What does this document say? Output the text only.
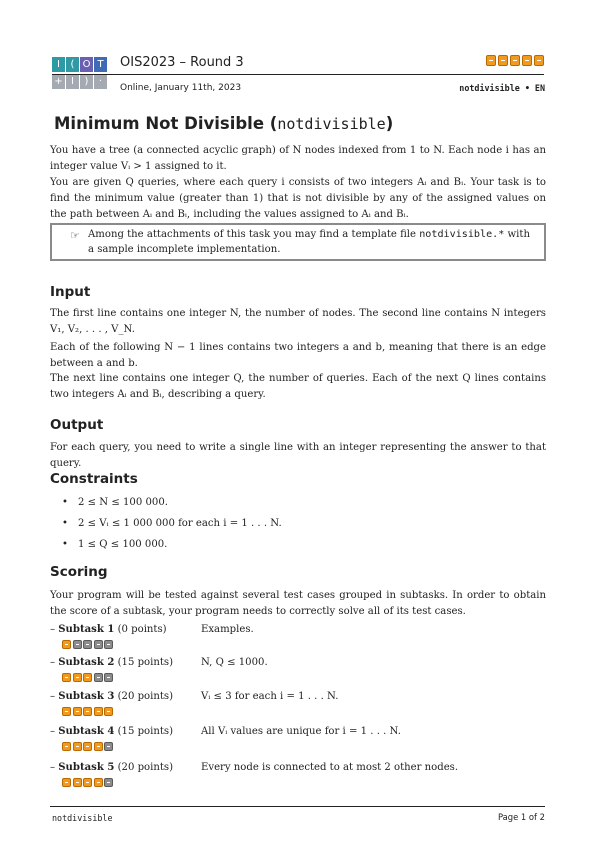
I	( O T
+ I	)	·
OIS2023 – Round 3
Online, January 11th, 2023	notdivisible • EN
Minimum Not Divisible (notdivisible)

You have a tree (a connected acyclic graph) of N nodes indexed from 1 to N. Each node i has an integer value Vᵢ > 1 assigned to it.

You are given Q queries, where each query i consists of two integers Aᵢ and Bᵢ. Your task is to find the minimum value (greater than 1) that is not divisible by any of the assigned values on the path between Aᵢ and Bᵢ, including the values assigned to Aᵢ and Bᵢ.

☞ Among the attachments of this task you may find a template file notdivisible.* with a sample incomplete implementation.
Input
The first line contains one integer N, the number of nodes. The second line contains N integers V₁, V₂, . . . , V_N.
Each of the following N − 1 lines contains two integers a and b, meaning that there is an edge between a and b.
The next line contains one integer Q, the number of queries. Each of the next Q lines contains two integers Aᵢ and Bᵢ, describing a query.
Output
For each query, you need to write a single line with an integer representing the answer to that query.
Constraints
• 2 ≤ N ≤ 100 000.
• 2 ≤ Vᵢ ≤ 1 000 000 for each i = 1 . . . N.
• 1 ≤ Q ≤ 100 000.
Scoring
Your program will be tested against several test cases grouped in subtasks. In order to obtain the score of a subtask, your program needs to correctly solve all of its test cases.
– Subtask 1 (0 points)	Examples.
– Subtask 2 (15 points)	N, Q ≤ 1000.
– Subtask 3 (20 points)	Vᵢ ≤ 3 for each i = 1 . . . N.
– Subtask 4 (15 points)	All Vᵢ values are unique for i = 1 . . . N.
– Subtask 5 (20 points)	Every node is connected to at most 2 other nodes.
notdivisible	Page 1 of 2
